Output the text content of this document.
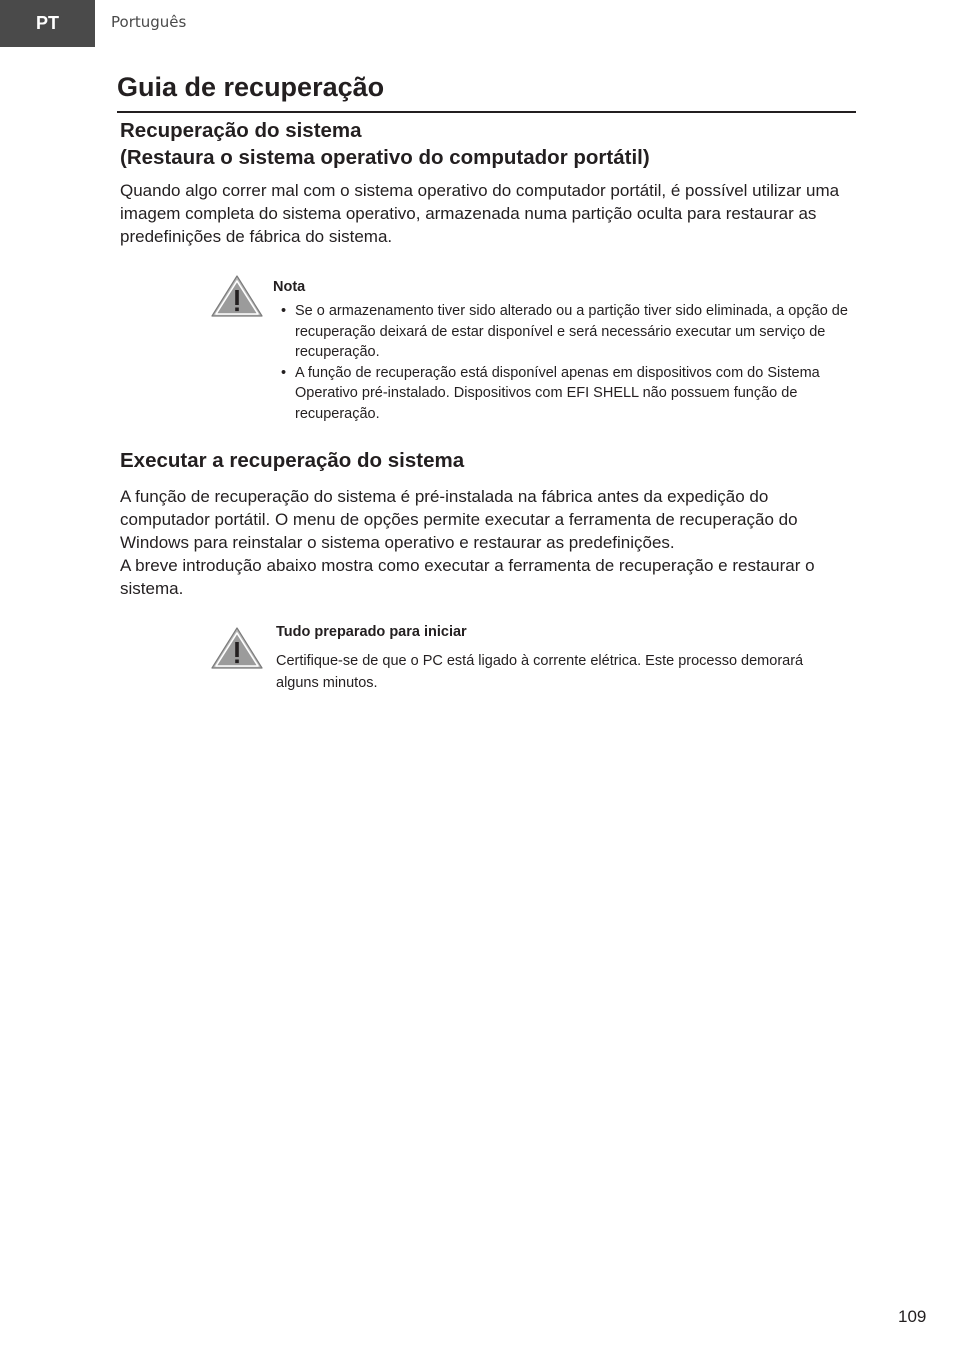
PT	Português
Guia de recuperação
Recuperação do sistema
(Restaura o sistema operativo do computador portátil)

Quando algo correr mal com o sistema operativo do computador portátil, é possível utilizar uma imagem completa do sistema operativo, armazenada numa partição oculta para restaurar as predefinições de fábrica do sistema.

Nota

• Se o armazenamento tiver sido alterado ou a partição tiver sido eliminada, a opção de recuperação deixará de estar disponível e será necessário executar um serviço de recuperação.
• A função de recuperação está disponível apenas em dispositivos com do Sistema Operativo pré-instalado. Dispositivos com EFI SHELL não possuem função de recuperação.
Executar a recuperação do sistema

A função de recuperação do sistema é pré-instalada na fábrica antes da expedição do computador portátil. O menu de opções permite executar a ferramenta de recuperação do Windows para reinstalar o sistema operativo e restaurar as predefinições.

A breve introdução abaixo mostra como executar a ferramenta de recuperação e restaurar o sistema.

Tudo preparado para iniciar

Certifique-se de que o PC está ligado à corrente elétrica. Este processo demorará alguns minutos.

109
